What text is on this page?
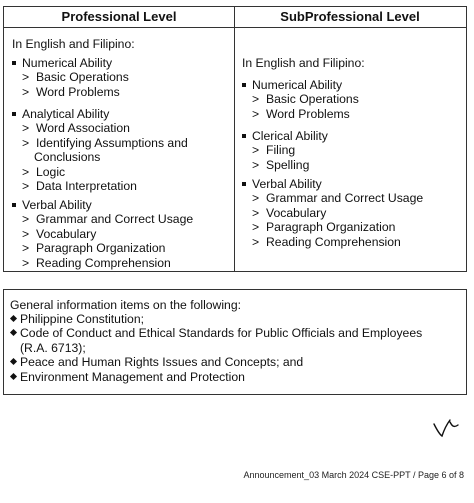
Professional Level
In English and Filipino:
Numerical Ability
> Basic Operations
> Word Problems
Analytical Ability
> Word Association
> Identifying Assumptions and
Conclusions
> Logic
> Data Interpretation
Verbal Ability
> Grammar and Correct Usage
> Vocabulary
> Paragraph Organization
> Reading Comprehension
SubProfessional Level
In English and Filipino:
Numerical Ability
> Basic Operations
> Word Problems
Clerical Ability
> Filing
> Spelling
Verbal Ability
> Grammar and Correct Usage
> Vocabulary
> Paragraph Organization
> Reading Comprehension
General information items on the following:
Philippine Constitution;
Code of Conduct and Ethical Standards for Public Officials and Employees
(R.A. 6713);
Peace and Human Rights Issues and Concepts; and
Environment Management and Protection
Announcement_03 March 2024 CSE-PPT / Page 6 of 8
